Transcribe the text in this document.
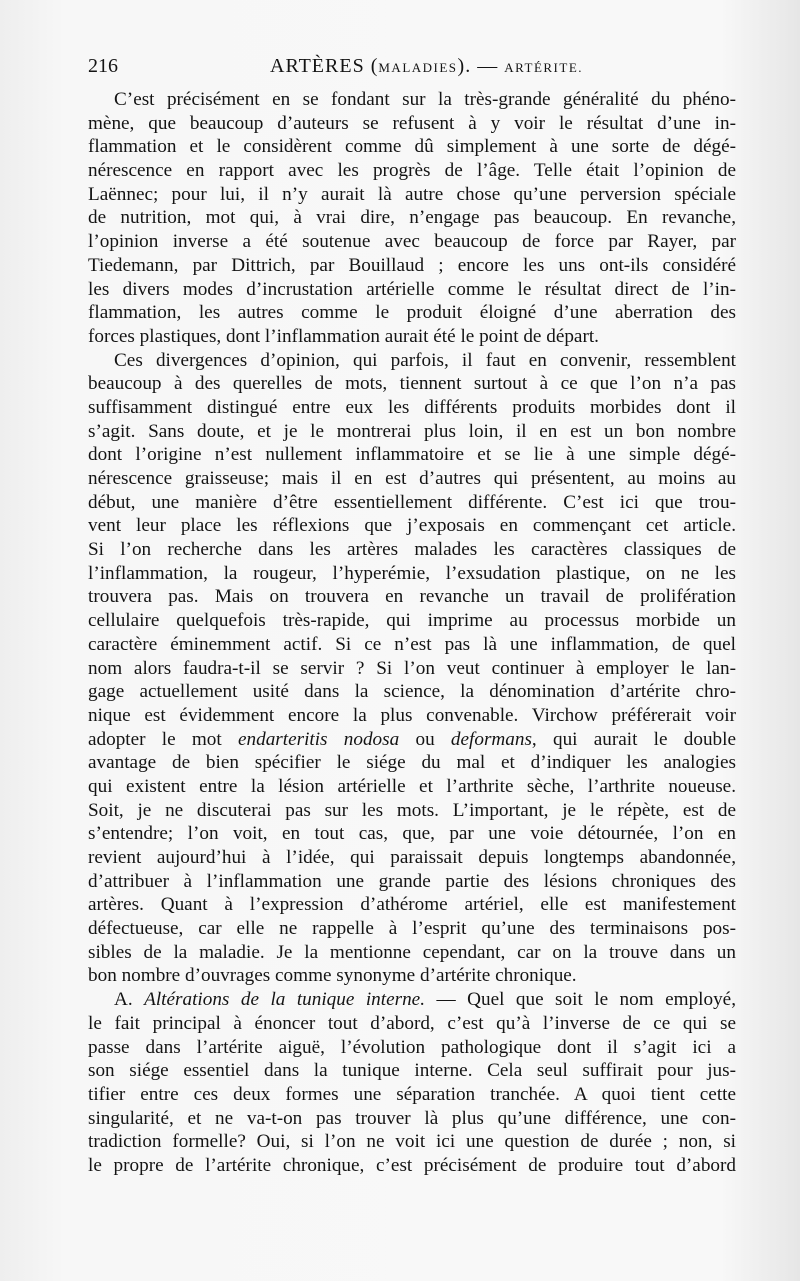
216	ARTÈRES (MALADIES). — ARTÉRITE.
C’est précisément en se fondant sur la très-grande généralité du phéno-
mène, que beaucoup d’auteurs se refusent à y voir le résultat d’une in-
flammation et le considèrent comme dû simplement à une sorte de dégé-
nérescence en rapport avec les progrès de l’âge. Telle était l’opinion de
Laënnec; pour lui, il n’y aurait là autre chose qu’une perversion spéciale
de nutrition, mot qui, à vrai dire, n’engage pas beaucoup. En revanche,
l’opinion inverse a été soutenue avec beaucoup de force par Rayer, par
Tiedemann, par Dittrich, par Bouillaud ; encore les uns ont-ils considéré
les divers modes d’incrustation artérielle comme le résultat direct de l’in-
flammation, les autres comme le produit éloigné d’une aberration des
forces plastiques, dont l’inflammation aurait été le point de départ.
Ces divergences d’opinion, qui parfois, il faut en convenir, ressemblent
beaucoup à des querelles de mots, tiennent surtout à ce que l’on n’a pas
suffisamment distingué entre eux les différents produits morbides dont il
s’agit. Sans doute, et je le montrerai plus loin, il en est un bon nombre
dont l’origine n’est nullement inflammatoire et se lie à une simple dégé-
nérescence graisseuse; mais il en est d’autres qui présentent, au moins au
début, une manière d’être essentiellement différente. C’est ici que trou-
vent leur place les réflexions que j’exposais en commençant cet article.
Si l’on recherche dans les artères malades les caractères classiques de
l’inflammation, la rougeur, l’hyperémie, l’exsudation plastique, on ne les
trouvera pas. Mais on trouvera en revanche un travail de prolifération
cellulaire quelquefois très-rapide, qui imprime au processus morbide un
caractère éminemment actif. Si ce n’est pas là une inflammation, de quel
nom alors faudra-t-il se servir ? Si l’on veut continuer à employer le lan-
gage actuellement usité dans la science, la dénomination d’artérite chro-
nique est évidemment encore la plus convenable. Virchow préférerait voir
adopter le mot endarteritis nodosa ou deformans, qui aurait le double
avantage de bien spécifier le siége du mal et d’indiquer les analogies
qui existent entre la lésion artérielle et l’arthrite sèche, l’arthrite noueuse.
Soit, je ne discuterai pas sur les mots. L’important, je le répète, est de
s’entendre; l’on voit, en tout cas, que, par une voie détournée, l’on en
revient aujourd’hui à l’idée, qui paraissait depuis longtemps abandonnée,
d’attribuer à l’inflammation une grande partie des lésions chroniques des
artères. Quant à l’expression d’athérome artériel, elle est manifestement
défectueuse, car elle ne rappelle à l’esprit qu’une des terminaisons pos-
sibles de la maladie. Je la mentionne cependant, car on la trouve dans un
bon nombre d’ouvrages comme synonyme d’artérite chronique.
A. Altérations de la tunique interne. — Quel que soit le nom employé,
le fait principal à énoncer tout d’abord, c’est qu’à l’inverse de ce qui se
passe dans l’artérite aiguë, l’évolution pathologique dont il s’agit ici a
son siége essentiel dans la tunique interne. Cela seul suffirait pour jus-
tifier entre ces deux formes une séparation tranchée. A quoi tient cette
singularité, et ne va-t-on pas trouver là plus qu’une différence, une con-
tradiction formelle? Oui, si l’on ne voit ici une question de durée ; non, si
le propre de l’artérite chronique, c’est précisément de produire tout d’abord
